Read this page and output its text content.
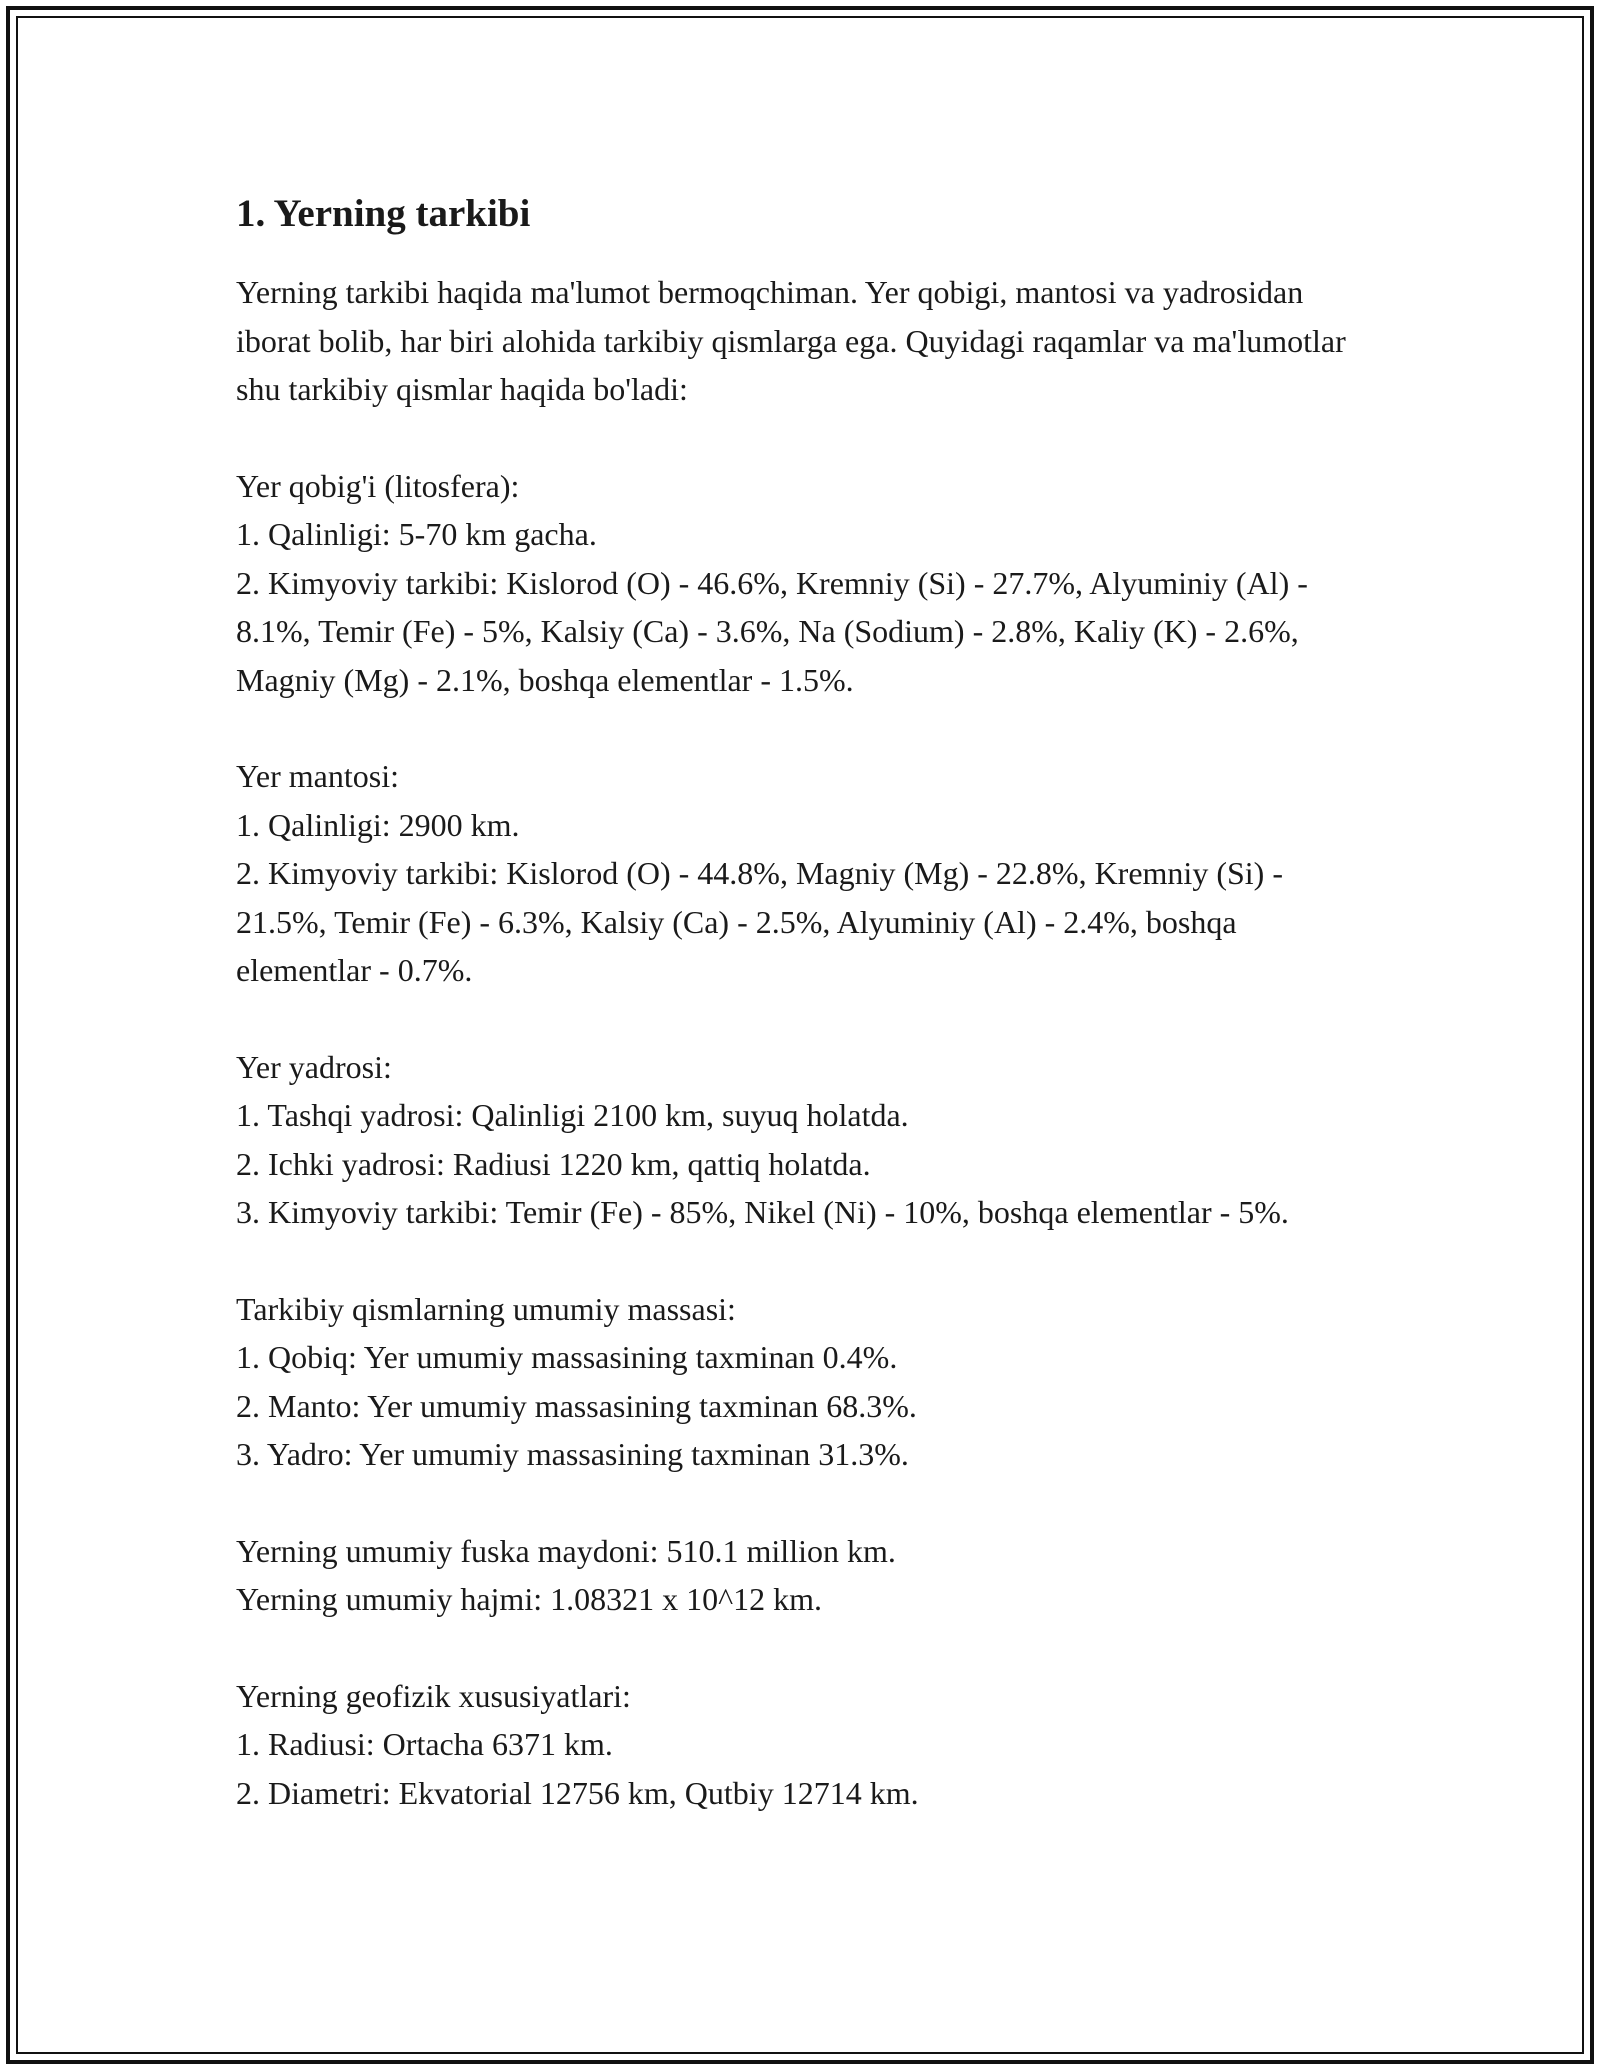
1. Yerning tarkibi

Yerning tarkibi haqida ma'lumot bermoqchiman. Yer qobigi, mantosi va yadrosidan iborat bolib, har biri alohida tarkibiy qismlarga ega. Quyidagi raqamlar va ma'lumotlar shu tarkibiy qismlar haqida bo'ladi:

Yer qobig'i (litosfera):
1. Qalinligi: 5-70 km gacha.
2. Kimyoviy tarkibi: Kislorod (O) - 46.6%, Kremniy (Si) - 27.7%, Alyuminiy (Al) - 8.1%, Temir (Fe) - 5%, Kalsiy (Ca) - 3.6%, Na (Sodium) - 2.8%, Kaliy (K) - 2.6%, Magniy (Mg) - 2.1%, boshqa elementlar - 1.5%.

Yer mantosi:
1. Qalinligi: 2900 km.
2. Kimyoviy tarkibi: Kislorod (O) - 44.8%, Magniy (Mg) - 22.8%, Kremniy (Si) - 21.5%, Temir (Fe) - 6.3%, Kalsiy (Ca) - 2.5%, Alyuminiy (Al) - 2.4%, boshqa elementlar - 0.7%.

Yer yadrosi:
1. Tashqi yadrosi: Qalinligi 2100 km, suyuq holatda.
2. Ichki yadrosi: Radiusi 1220 km, qattiq holatda.
3. Kimyoviy tarkibi: Temir (Fe) - 85%, Nikel (Ni) - 10%, boshqa elementlar - 5%.

Tarkibiy qismlarning umumiy massasi:
1. Qobiq: Yer umumiy massasining taxminan 0.4%.
2. Manto: Yer umumiy massasining taxminan 68.3%.
3. Yadro: Yer umumiy massasining taxminan 31.3%.

Yerning umumiy fuska maydoni: 510.1 million km.
Yerning umumiy hajmi: 1.08321 x 10^12 km.

Yerning geofizik xususiyatlari:
1. Radiusi: Ortacha 6371 km.
2. Diametri: Ekvatorial 12756 km, Qutbiy 12714 km.
